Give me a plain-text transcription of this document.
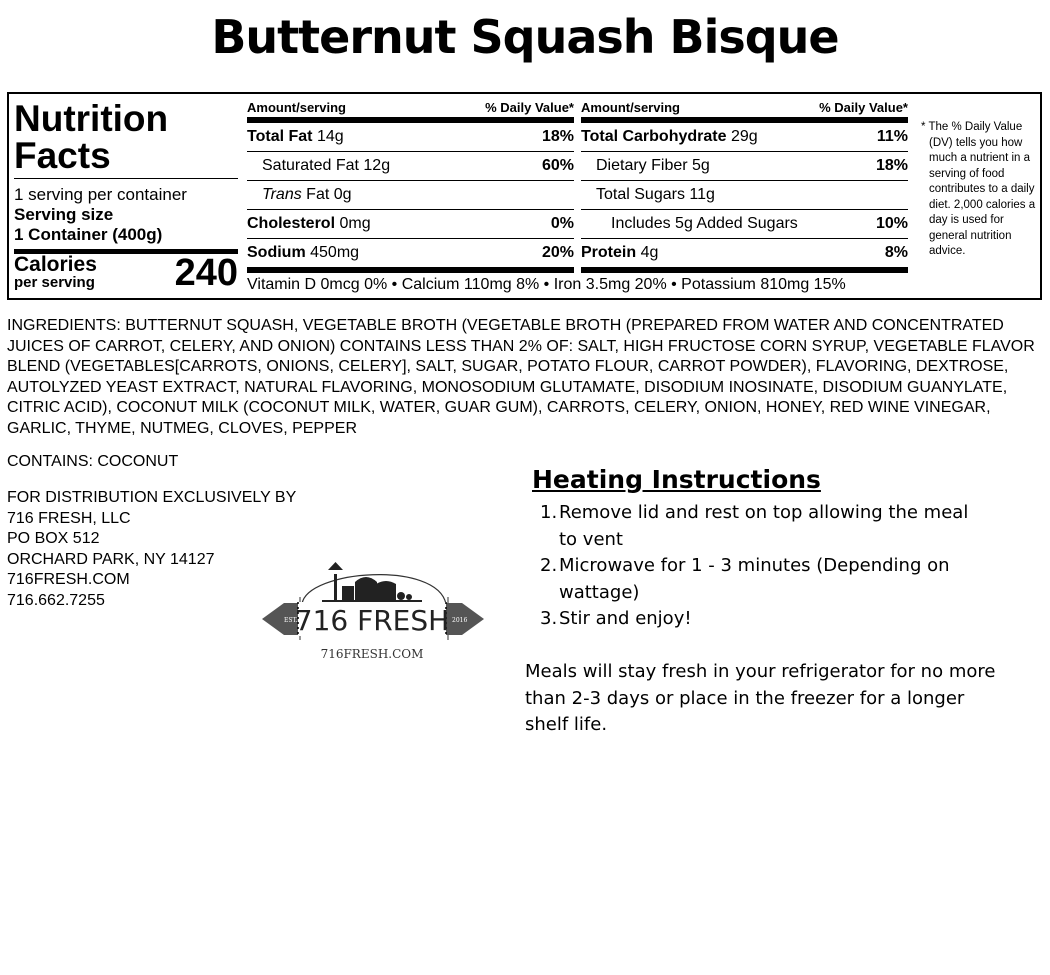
Butternut Squash Bisque
Nutrition
Facts
1 serving per container
Serving size
1 Container (400g)
Calories
per serving 240
Amount/serving	% Daily Value*
Total Fat 14g	18%
Saturated Fat 12g	60%
Trans Fat 0g
Cholesterol 0mg	0%
Sodium 450mg	20%
Amount/serving	% Daily Value*
Total Carbohydrate 29g	11%
Dietary Fiber 5g	18%
Total Sugars 11g
Includes 5g Added Sugars	10%
Protein 4g	8%
Vitamin D 0mcg 0% • Calcium 110mg 8% • Iron 3.5mg 20% • Potassium 810mg 15%
* The % Daily Value (DV) tells you how much a nutrient in a serving of food contributes to a daily diet. 2,000 calories a day is used for general nutrition advice.
INGREDIENTS: BUTTERNUT SQUASH, VEGETABLE BROTH (VEGETABLE BROTH (PREPARED FROM WATER AND CONCENTRATED JUICES OF CARROT, CELERY, AND ONION) CONTAINS LESS THAN 2% OF: SALT, HIGH FRUCTOSE CORN SYRUP, VEGETABLE FLAVOR BLEND (VEGETABLES[CARROTS, ONIONS, CELERY], SALT, SUGAR, POTATO FLOUR, CARROT POWDER), FLAVORING, DEXTROSE, AUTOLYZED YEAST EXTRACT, NATURAL FLAVORING, MONOSODIUM GLUTAMATE, DISODIUM INOSINATE, DISODIUM GUANYLATE, CITRIC ACID), COCONUT MILK (COCONUT MILK, WATER, GUAR GUM), CARROTS, CELERY, ONION, HONEY, RED WINE VINEGAR, GARLIC, THYME, NUTMEG, CLOVES, PEPPER
CONTAINS: COCONUT
FOR DISTRIBUTION EXCLUSIVELY BY
716 FRESH, LLC
PO BOX 512
ORCHARD PARK, NY 14127
716FRESH.COM
716.662.7255
EST.	2016
716 FRESH
716FRESH.COM
Heating Instructions
1. Remove lid and rest on top allowing the meal to vent
2. Microwave for 1 - 3 minutes (Depending on wattage)
3. Stir and enjoy!
Meals will stay fresh in your refrigerator for no more than 2-3 days or place in the freezer for a longer shelf life.
